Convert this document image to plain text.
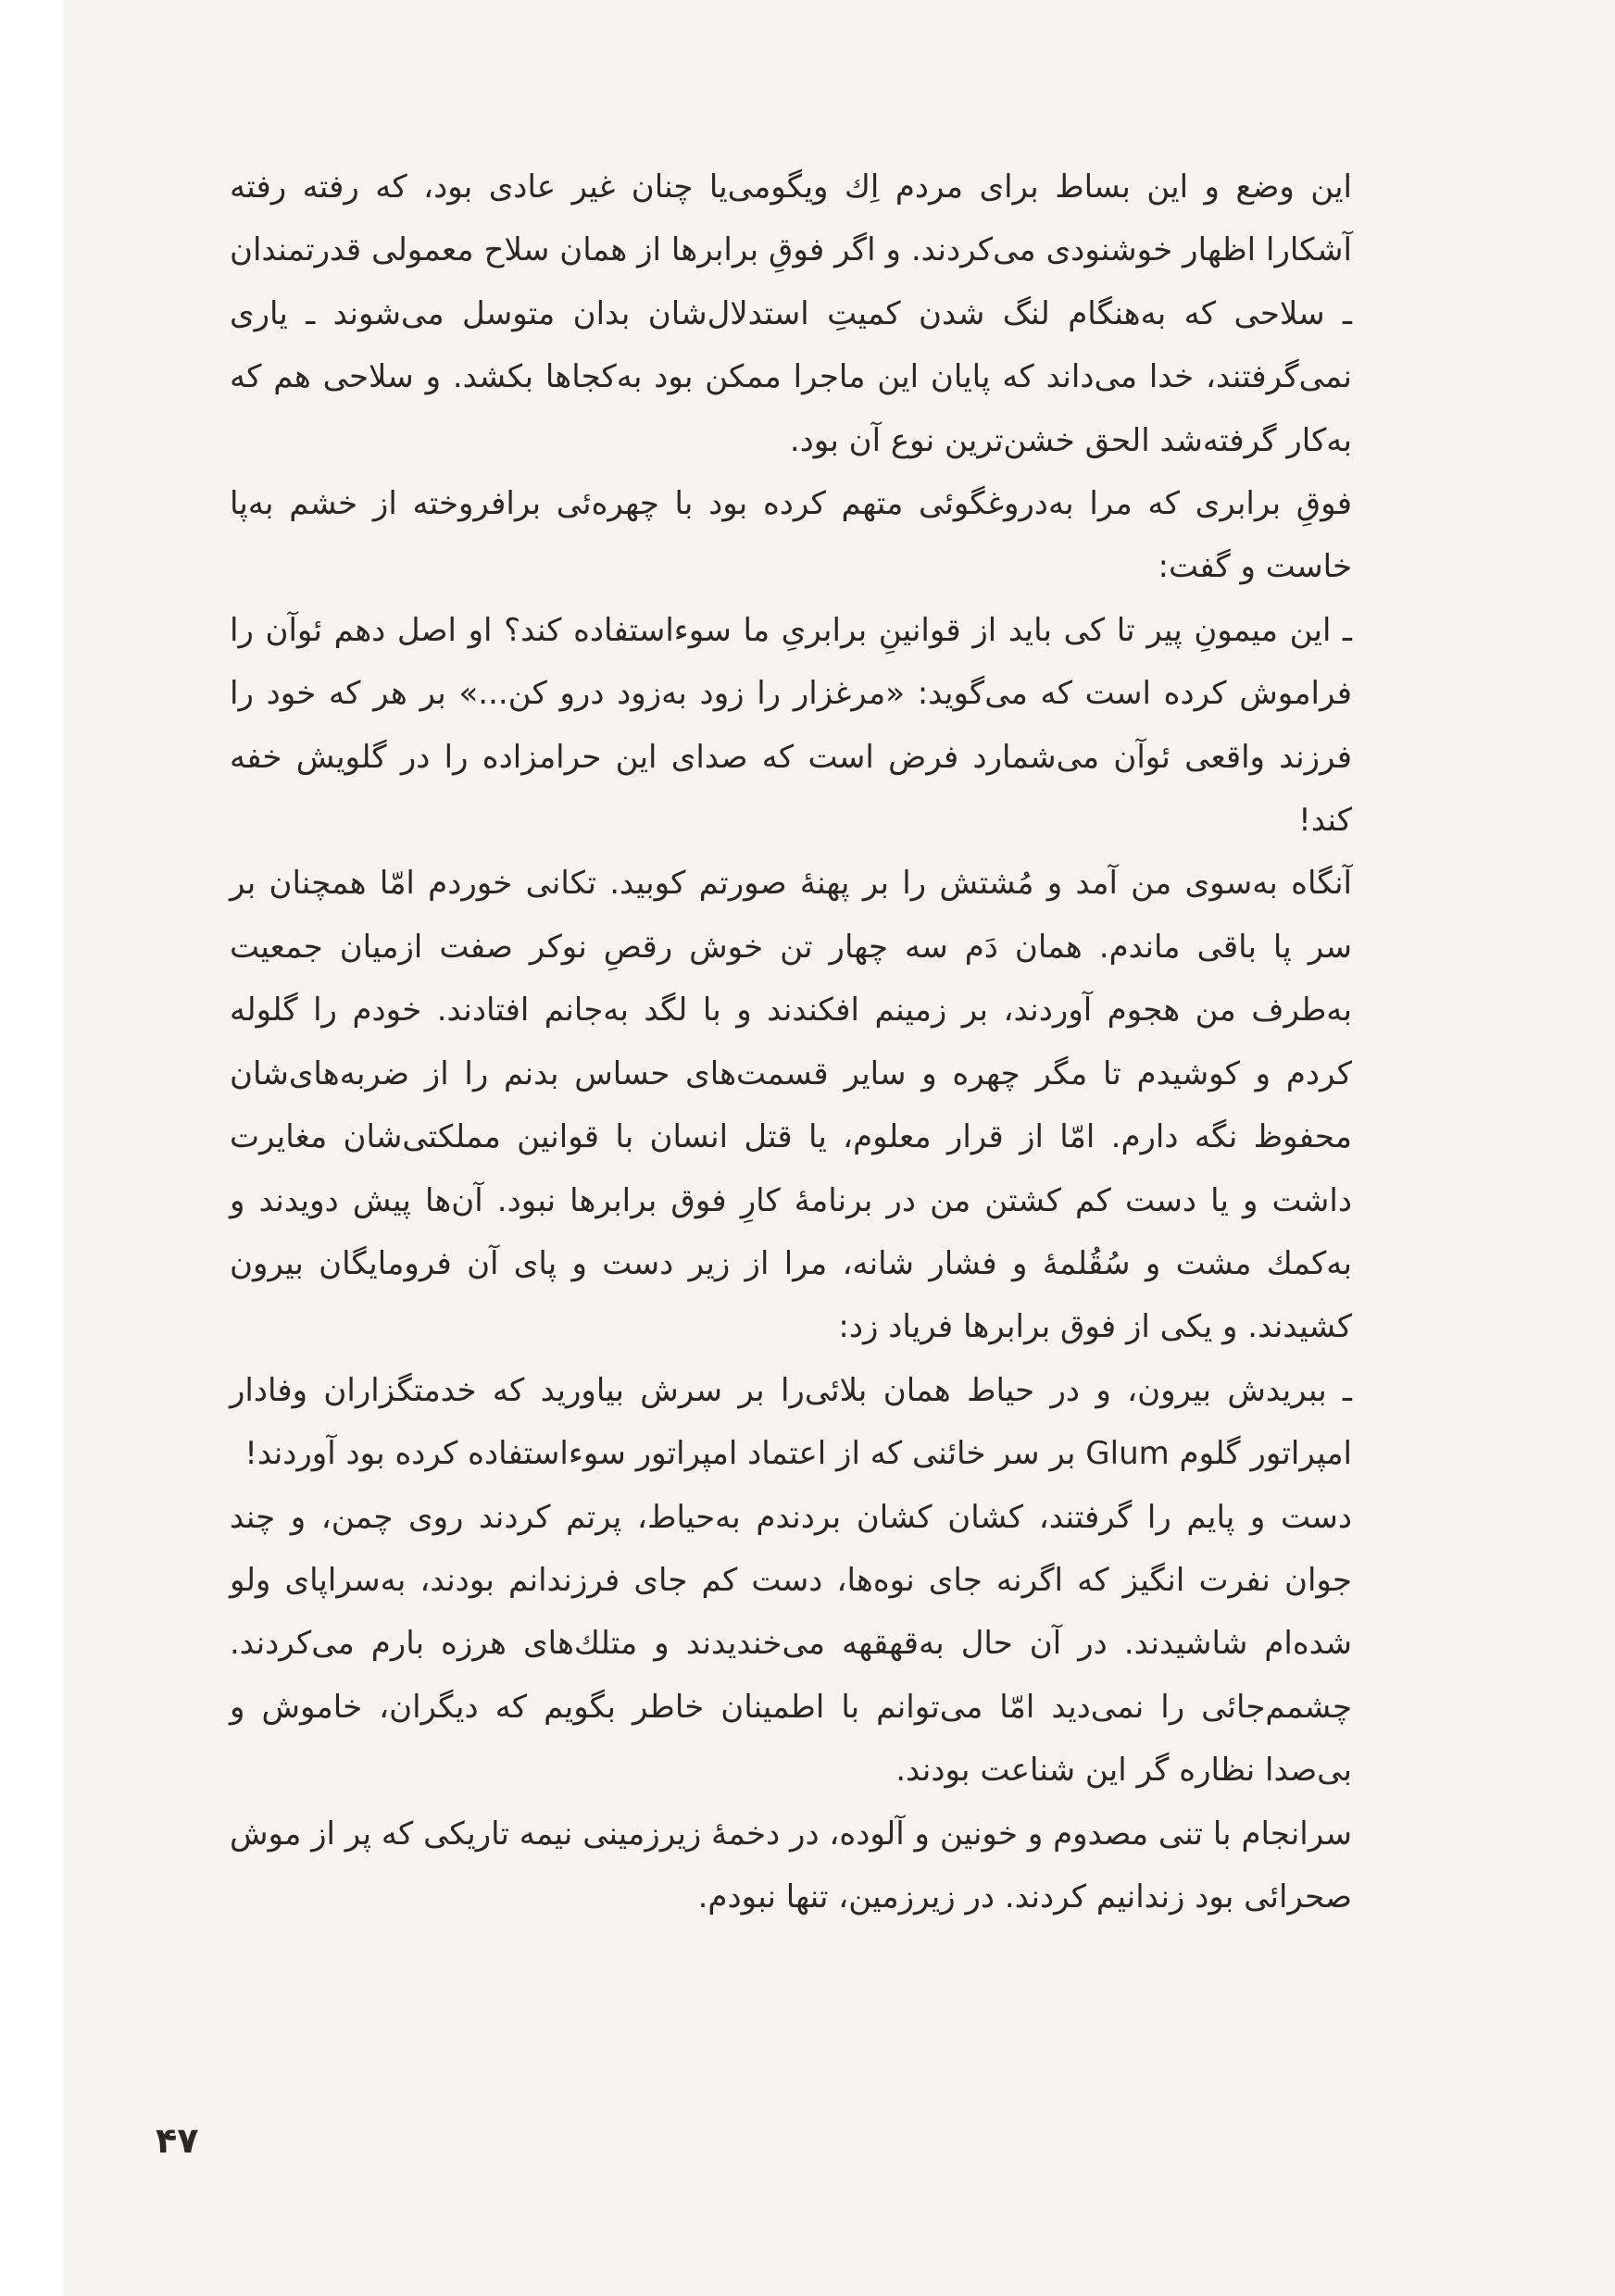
این وضع و این بساط برای مردم اِك ویگومی‌یا چنان غیر عادی بود، که رفته رفته آشکارا اظهار خوشنودی می‌کردند. و اگر فوقِ برابرها از همان سلاح معمولی قدرتمندان ـ سلاحی که به‌هنگام لنگ شدن کمیتِ استدلال‌شان بدان متوسل می‌شوند ـ یاری نمی‌گرفتند، خدا می‌داند که پایان این ماجرا ممکن بود به‌کجاها بکشد. و سلاحی هم که به‌کار گرفته‌شد الحق خشن‌ترین نوع آن بود.

فوقِ برابری که مرا به‌دروغگوئی متهم کرده بود با چهره‌ئی برافروخته از خشم به‌پا خاست و گفت:

ـ این میمونِ پیر تا کی باید از قوانینِ برابریِ ما سوءاستفاده کند؟ او اصل دهم ئوآن را فراموش کرده است که می‌گوید: «مرغزار را زود به‌زود درو کن...» بر هر که خود را فرزند واقعی ئوآن می‌شمارد فرض است که صدای این حرامزاده را در گلویش خفه کند!

آنگاه به‌سوی من آمد و مُشتش را بر پهنهٔ صورتم کوبید. تکانی خوردم امّا همچنان بر سر پا باقی ماندم. همان دَم سه چهار تن خوش رقصِ نوکر صفت ازمیان جمعیت به‌طرف من هجوم آوردند، بر زمینم افکندند و با لگد به‌جانم افتادند. خودم را گلوله کردم و کوشیدم تا مگر چهره و سایر قسمت‌های حساس بدنم را از ضربه‌های‌شان محفوظ نگه دارم. امّا از قرار معلوم، یا قتل انسان با قوانین مملکتی‌شان مغایرت داشت و یا دست کم کشتن من در برنامهٔ کارِ فوق برابرها نبود. آن‌ها پیش دویدند و به‌کمك مشت و سُقُلمهٔ و فشار شانه، مرا از زیر دست و پای آن فرومایگان بیرون کشیدند. و یکی از فوق برابرها فریاد زد:

ـ ببریدش بیرون، و در حیاط همان بلائی‌را بر سرش بیاورید که خدمتگزاران وفادار امپراتور گلوم Glum بر سر خائنی که از اعتماد امپراتور سوءاستفاده کرده بود آوردند!

دست و پایم را گرفتند، کشان کشان بردندم به‌حیاط، پرتم کردند روی چمن، و چند جوان نفرت انگیز که اگرنه جای نوه‌ها، دست کم جای فرزندانم بودند، به‌سراپای ولو شده‌ام شاشیدند. در آن حال به‌قهقهه می‌خندیدند و متلك‌های هرزه بارم می‌کردند. چشمم‌جائی را نمی‌دید امّا می‌توانم با اطمینان خاطر بگویم که دیگران، خاموش و بی‌صدا نظاره گر این شناعت بودند.

سرانجام با تنی مصدوم و خونین و آلوده، در دخمهٔ زیرزمینی نیمه تاریکی که پر از موش صحرائی بود زندانیم کردند. در زیرزمین، تنها نبودم.

۴۷
